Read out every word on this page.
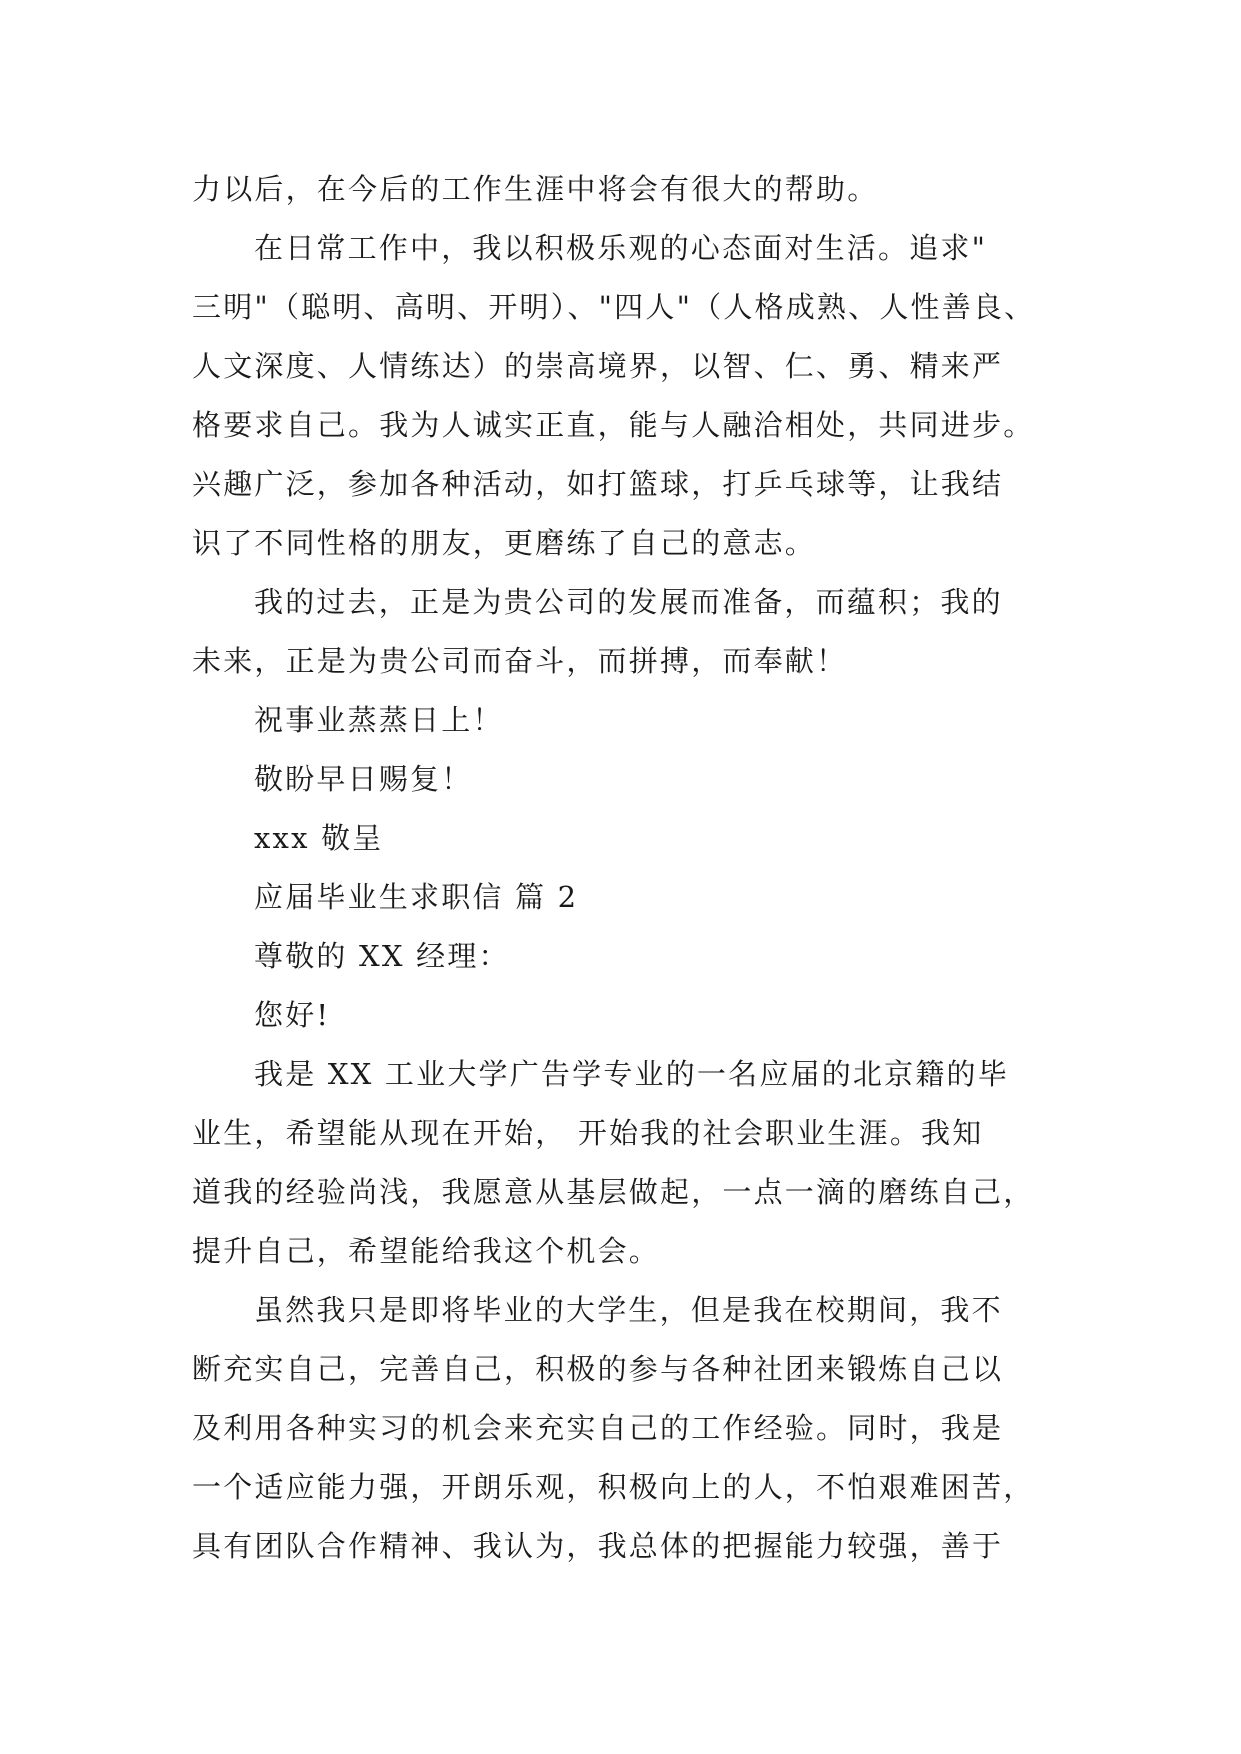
力以后，在今后的工作生涯中将会有很大的帮助。
在日常工作中，我以积极乐观的心态面对生活。追求"
三明"（聪明、高明、开明）、"四人"（人格成熟、人性善良、
人文深度、人情练达）的崇高境界，以智、仁、勇、精来严
格要求自己。我为人诚实正直，能与人融洽相处，共同进步。
兴趣广泛，参加各种活动，如打篮球，打乒乓球等，让我结
识了不同性格的朋友，更磨练了自己的意志。
我的过去，正是为贵公司的发展而准备，而蕴积；我的
未来，正是为贵公司而奋斗，而拼搏，而奉献！
祝事业蒸蒸日上！
敬盼早日赐复！
xxx 敬呈
应届毕业生求职信 篇 2
尊敬的 XX 经理：
您好!
我是 XX 工业大学广告学专业的一名应届的北京籍的毕
业生，希望能从现在开始， 开始我的社会职业生涯。我知
道我的经验尚浅，我愿意从基层做起，一点一滴的磨练自己，
提升自己，希望能给我这个机会。
虽然我只是即将毕业的大学生，但是我在校期间，我不
断充实自己，完善自己，积极的参与各种社团来锻炼自己以
及利用各种实习的机会来充实自己的工作经验。同时，我是
一个适应能力强，开朗乐观，积极向上的人，不怕艰难困苦，
具有团队合作精神、我认为，我总体的把握能力较强，善于
